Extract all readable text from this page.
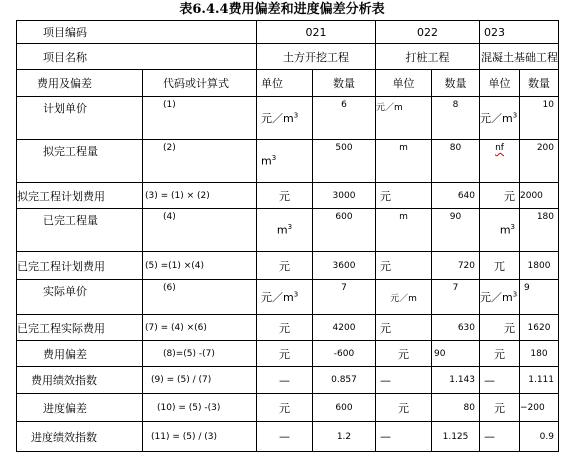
表6.4.4费用偏差和进度偏差分析表
项目编码		021		022		023	
项目名称		土方开挖工程		打桩工程		混凝土基础工程	
费用及偏差	代码或计算式	单位	数量	单位	数量	单位	数量
计划单价	(1)	元$/m^3$	6	元／m	8	元$/m^3$	10
拟完工程量	(2)	$m^3$	500	m	80	nf	200
拟完工程计划费用	(3) = (1) × (2)	元	3000	元	640	元	2000
已完工程量	(4)	$m^3$	600	m	90	$m^3$	180
已完工程计划费用	(5) =(1) ×(4)	元	3600	元	720	兀	1800
实际单价	(6)	元$/m^3$	7	元／m	7	元$/m^3$	9
已完工程实际费用	(7) = (4) ×(6)	元	4200	元	630	元	1620
费用偏差	(8)=(5) -(7)	元	-600	元	90	元	180
费用绩效指数	(9) = (5) / (7)	—	0.857	—	1.143	—	1.111
进度偏差	(10) = (5) -(3)	元	600	元	80	元	−200
进度绩效指数	(11) = (5) / (3)	—	1.2	—	1.125	—	0.9
